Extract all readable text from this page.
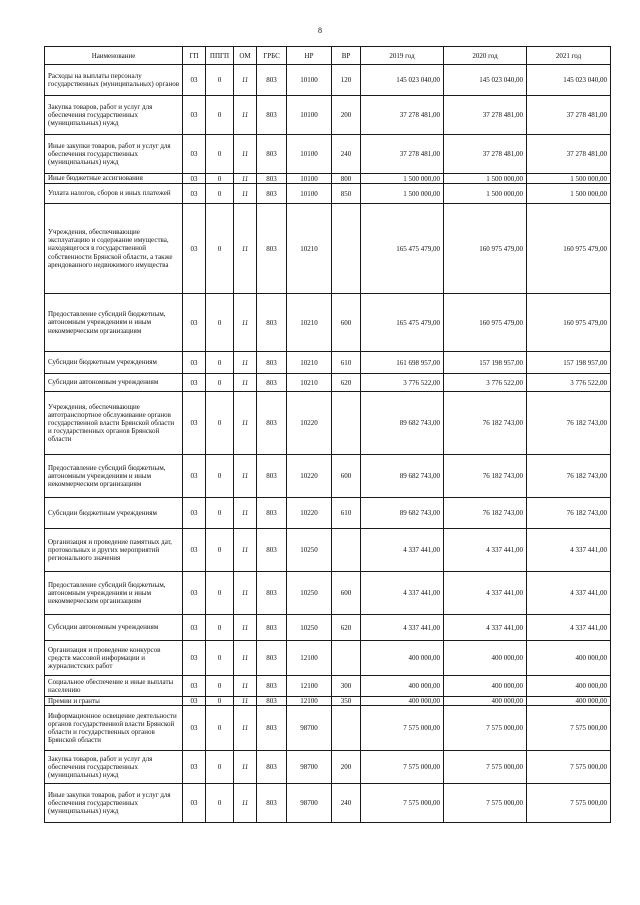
8
Наименование	ГП	ППГП	ОМ	ГРБС	НР	ВР	2019 год	2020 год	2021 год
Расходы на выплаты персоналу государственных (муниципальных) органов	03	0	11	803	10100	120	145 023 040,00	145 023 040,00	145 023 040,00
Закупка товаров, работ и услуг для обеспечения государственных (муниципальных) нужд	03	0	11	803	10100	200	37 278 481,00	37 278 481,00	37 278 481,00
Иные закупки товаров, работ и услуг для обеспечения государственных (муниципальных) нужд	03	0	11	803	10100	240	37 278 481,00	37 278 481,00	37 278 481,00
Иные бюджетные ассигнования	03	0	11	803	10100	800	1 500 000,00	1 500 000,00	1 500 000,00
Уплата налогов, сборов и иных платежей	03	0	11	803	10100	850	1 500 000,00	1 500 000,00	1 500 000,00
Учреждения, обеспечивающие эксплуатацию и содержание имущества, находящегося в государственной собственности Брянской области, а также арендованного недвижимого имущества	03	0	11	803	10210		165 475 479,00	160 975 479,00	160 975 479,00
Предоставление субсидий бюджетным, автономным учреждениям и иным некоммерческим организациям	03	0	11	803	10210	600	165 475 479,00	160 975 479,00	160 975 479,00
Субсидии бюджетным учреждениям	03	0	11	803	10210	610	161 698 957,00	157 198 957,00	157 198 957,00
Субсидии автономным учреждениям	03	0	11	803	10210	620	3 776 522,00	3 776 522,00	3 776 522,00
Учреждения, обеспечивающие автотранспортное обслуживание органов государственной власти Брянской области и государственных органов Брянской области	03	0	11	803	10220		89 682 743,00	76 182 743,00	76 182 743,00
Предоставление субсидий бюджетным, автономным учреждениям и иным некоммерческим организациям	03	0	11	803	10220	600	89 682 743,00	76 182 743,00	76 182 743,00
Субсидии бюджетным учреждениям	03	0	11	803	10220	610	89 682 743,00	76 182 743,00	76 182 743,00
Организация и проведение памятных дат, протокольных и других мероприятий регионального значения	03	0	11	803	10250		4 337 441,00	4 337 441,00	4 337 441,00
Предоставление субсидий бюджетным, автономным учреждениям и иным некоммерческим организациям	03	0	11	803	10250	600	4 337 441,00	4 337 441,00	4 337 441,00
Субсидии автономным учреждениям	03	0	11	803	10250	620	4 337 441,00	4 337 441,00	4 337 441,00
Организация и проведение конкурсов средств массовой информации и журналистских работ	03	0	11	803	12100		400 000,00	400 000,00	400 000,00
Социальное обеспечение и иные выплаты населению	03	0	11	803	12100	300	400 000,00	400 000,00	400 000,00
Премии и гранты	03	0	11	803	12100	350	400 000,00	400 000,00	400 000,00
Информационное освещение деятельности органов государственной власти Брянской области и государственных органов Брянской области	03	0	11	803	98700		7 575 000,00	7 575 000,00	7 575 000,00
Закупка товаров, работ и услуг для обеспечения государственных (муниципальных) нужд	03	0	11	803	98700	200	7 575 000,00	7 575 000,00	7 575 000,00
Иные закупки товаров, работ и услуг для обеспечения государственных (муниципальных) нужд	03	0	11	803	98700	240	7 575 000,00	7 575 000,00	7 575 000,00
